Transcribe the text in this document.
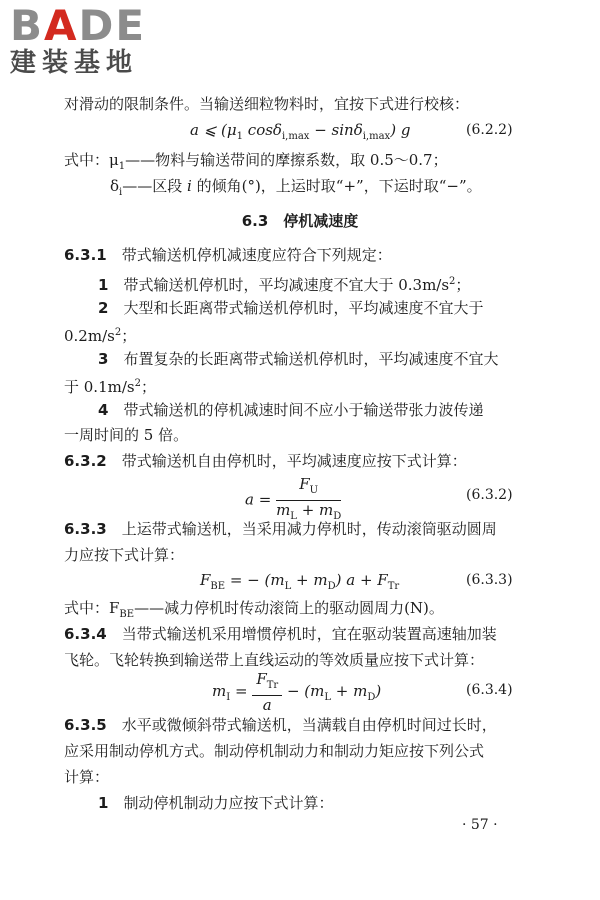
BADE
建装基地
对滑动的限制条件。当输送细粒物料时，宜按下式进行校核：
a ⩽ ($\mu_1$ cosδ$_{i,max}$ − sinδ$_{i,max}$) g	(6.2.2)
式中：$\mu_1——$物料与输送带间的摩擦系数，取 0.5～0.7；
$\delta_i——$区段 i 的倾角(°)，上运时取“+”，下运时取“−”。
6.3　停机减速度
6.3.1　带式输送机停机减速度应符合下列规定：
1　带式输送机停机时，平均减速度不宜大于 $0.3m/s^2$；
2　大型和长距离带式输送机停机时，平均减速度不宜大于
$0.2m/s^2$；
3　布置复杂的长距离带式输送机停机时，平均减速度不宜大
于 $0.1m/s^2$；
4　带式输送机的停机减速时间不应小于输送带张力波传递
一周时间的 5 倍。
6.3.2　带式输送机自由停机时，平均减速度应按下式计算：
$a = \frac{F_U}{m_L + m_D}$	(6.3.2)
6.3.3　上运带式输送机，当采用减力停机时，传动滚筒驱动圆周
力应按下式计算：
$F_{BE}$ = − $(m_L + m_D) a + F_{Tr}$	(6.3.3)
式中：$F_{BE}——$减力停机时传动滚筒上的驱动圆周力(N)。
6.3.4　当带式输送机采用增惯停机时，宜在驱动装置高速轴加装
飞轮。飞轮转换到输送带上直线运动的等效质量应按下式计算：
$m_I = \frac{F_{Tr}}{a} - (m_L + m_D)$	(6.3.4)
6.3.5　水平或微倾斜带式输送机，当满载自由停机时间过长时，
应采用制动停机方式。制动停机制动力和制动力矩应按下列公式
计算：
1　制动停机制动力应按下式计算：
· 57 ·
